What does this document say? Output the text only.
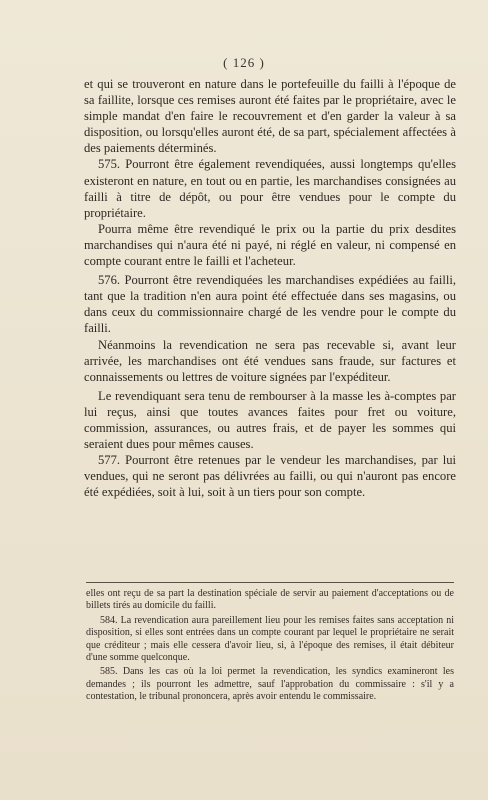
( 126 )

et qui se trouveront en nature dans le portefeuille du failli à l'époque de sa faillite, lorsque ces remises auront été faites par le propriétaire, avec le simple mandat d'en faire le recouvrement et d'en garder la valeur à sa disposition, ou lorsqu'elles auront été, de sa part, spécialement affectées à des paiements déterminés.

575. Pourront être également revendiquées, aussi longtemps qu'elles existeront en nature, en tout ou en partie, les marchandises consignées au failli à titre de dépôt, ou pour être vendues pour le compte du propriétaire.

Pourra même être revendiqué le prix ou la partie du prix desdites marchandises qui n'aura été ni payé, ni réglé en valeur, ni compensé en compte courant entre le failli et l'acheteur.

576. Pourront être revendiquées les marchandises expédiées au failli, tant que la tradition n'en aura point été effectuée dans ses magasins, ou dans ceux du commissionnaire chargé de les vendre pour le compte du failli.

Néanmoins la revendication ne sera pas recevable si, avant leur arrivée, les marchandises ont été vendues sans fraude, sur factures et connaissements ou lettres de voiture signées par l'expéditeur.

Le revendiquant sera tenu de rembourser à la masse les à-comptes par lui reçus, ainsi que toutes avances faites pour fret ou voiture, commission, assurances, ou autres frais, et de payer les sommes qui seraient dues pour mêmes causes.

577. Pourront être retenues par le vendeur les marchandises, par lui vendues, qui ne seront pas délivrées au failli, ou qui n'auront pas encore été expédiées, soit à lui, soit à un tiers pour son compte.

elles ont reçu de sa part la destination spéciale de servir au paiement d'acceptations ou de billets tirés au domicile du failli.

584. La revendication aura pareillement lieu pour les remises faites sans acceptation ni disposition, si elles sont entrées dans un compte courant par lequel le propriétaire ne serait que créditeur ; mais elle cessera d'avoir lieu, si, à l'époque des remises, il était débiteur d'une somme quelconque.

585. Dans les cas où la loi permet la revendication, les syndics examineront les demandes ; ils pourront les admettre, sauf l'approbation du commissaire : s'il y a contestation, le tribunal prononcera, après avoir entendu le commissaire.
